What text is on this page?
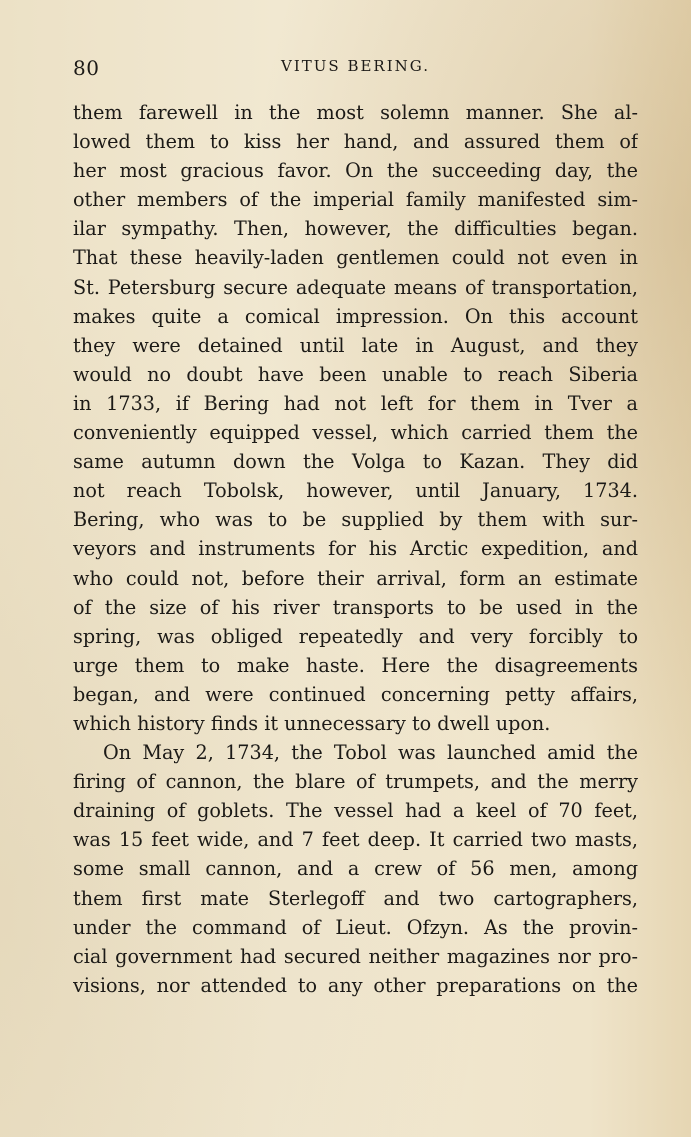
80	VITUS BERING.
them farewell in the most solemn manner. She al-
lowed them to kiss her hand, and assured them of
her most gracious favor. On the succeeding day, the
other members of the imperial family manifested sim-
ilar sympathy. Then, however, the difficulties began.
That these heavily-laden gentlemen could not even in
St. Petersburg secure adequate means of transportation,
makes quite a comical impression. On this account
they were detained until late in August, and they
would no doubt have been unable to reach Siberia
in 1733, if Bering had not left for them in Tver a
conveniently equipped vessel, which carried them the
same autumn down the Volga to Kazan. They did
not reach Tobolsk, however, until January, 1734.
Bering, who was to be supplied by them with sur-
veyors and instruments for his Arctic expedition, and
who could not, before their arrival, form an estimate
of the size of his river transports to be used in the
spring, was obliged repeatedly and very forcibly to
urge them to make haste. Here the disagreements
began, and were continued concerning petty affairs,
which history finds it unnecessary to dwell upon.
On May 2, 1734, the Tobol was launched amid the
firing of cannon, the blare of trumpets, and the merry
draining of goblets. The vessel had a keel of 70 feet,
was 15 feet wide, and 7 feet deep. It carried two masts,
some small cannon, and a crew of 56 men, among
them first mate Sterlegoff and two cartographers,
under the command of Lieut. Ofzyn. As the provin-
cial government had secured neither magazines nor pro-
visions, nor attended to any other preparations on the
